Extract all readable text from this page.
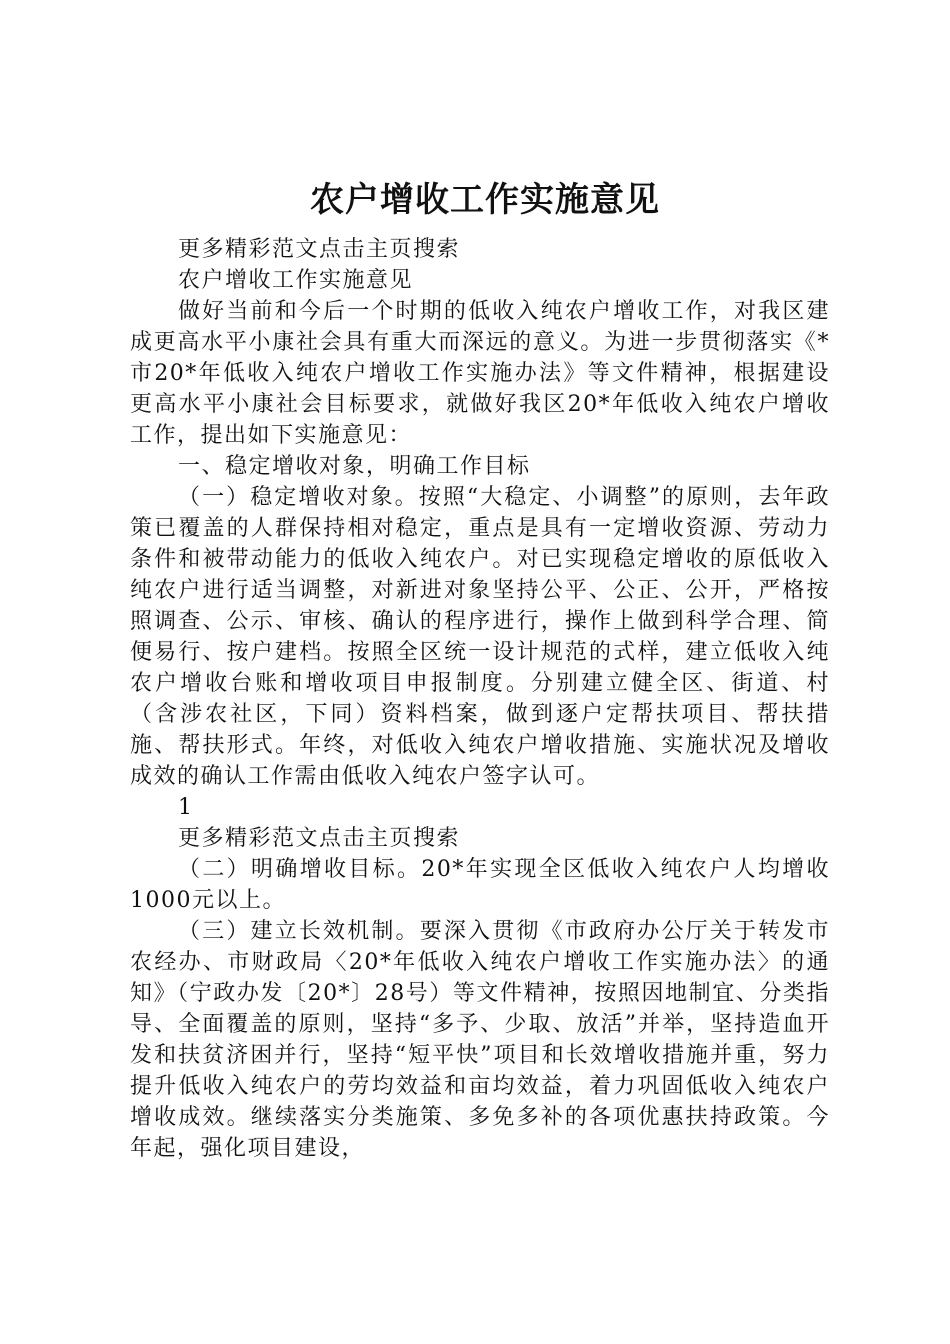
农户增收工作实施意见

更多精彩范文点击主页搜索

农户增收工作实施意见

做好当前和今后一个时期的低收入纯农户增收工作，对我区建成更高水平小康社会具有重大而深远的意义。为进一步贯彻落实《*市20*年低收入纯农户增收工作实施办法》等文件精神，根据建设更高水平小康社会目标要求，就做好我区20*年低收入纯农户增收工作，提出如下实施意见：

一、稳定增收对象，明确工作目标

（一）稳定增收对象。按照“大稳定、小调整”的原则，去年政策已覆盖的人群保持相对稳定，重点是具有一定增收资源、劳动力条件和被带动能力的低收入纯农户。对已实现稳定增收的原低收入纯农户进行适当调整，对新进对象坚持公平、公正、公开，严格按照调查、公示、审核、确认的程序进行，操作上做到科学合理、简便易行、按户建档。按照全区统一设计规范的式样，建立低收入纯农户增收台账和增收项目申报制度。分别建立健全区、街道、村（含涉农社区，下同）资料档案，做到逐户定帮扶项目、帮扶措施、帮扶形式。年终，对低收入纯农户增收措施、实施状况及增收成效的确认工作需由低收入纯农户签字认可。

1

更多精彩范文点击主页搜索

（二）明确增收目标。20*年实现全区低收入纯农户人均增收1000元以上。

（三）建立长效机制。要深入贯彻《市政府办公厅关于转发市农经办、市财政局〈20*年低收入纯农户增收工作实施办法〉的通知》（宁政办发〔20*〕28号）等文件精神，按照因地制宜、分类指导、全面覆盖的原则，坚持“多予、少取、放活”并举，坚持造血开发和扶贫济困并行，坚持“短平快”项目和长效增收措施并重，努力提升低收入纯农户的劳均效益和亩均效益，着力巩固低收入纯农户增收成效。继续落实分类施策、多免多补的各项优惠扶持政策。今年起，强化项目建设，
